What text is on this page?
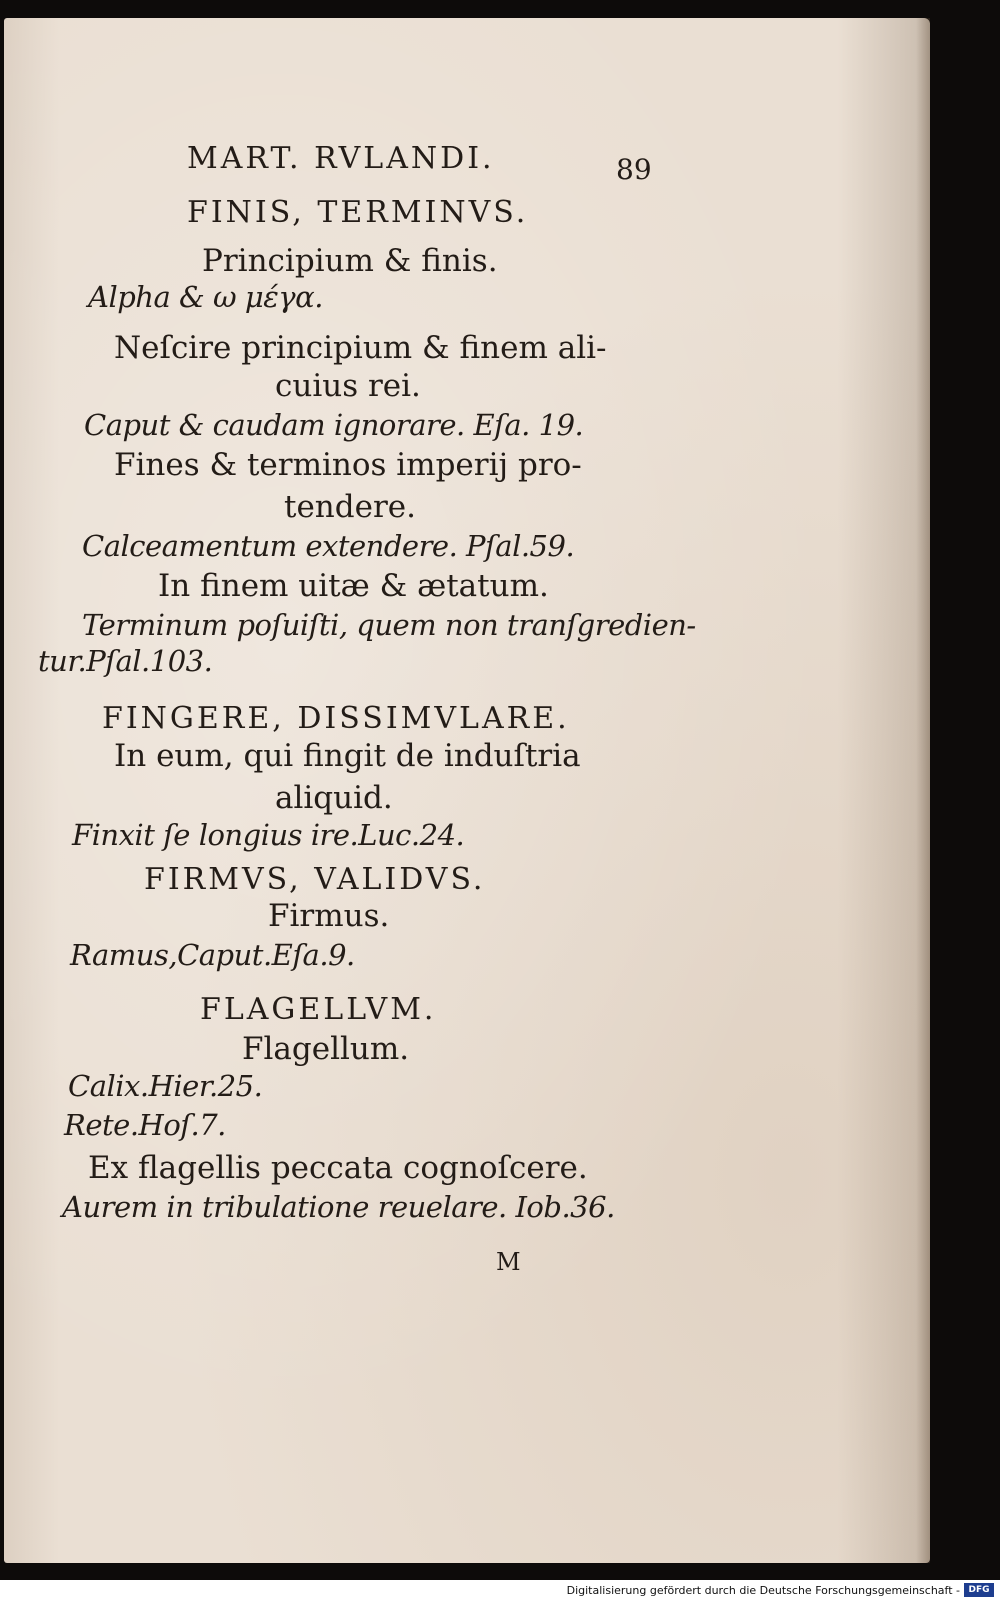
MART. RVLANDI.	89
FINIS, TERMINVS.
Principium & finis.
Alpha & ω μέγα.
Neſcire principium & finem ali-
cuius rei.
Caput & caudam ignorare. Eſa. 19.
Fines & terminos imperij pro-
tendere.
Calceamentum extendere. Pſal.59.
In finem uitæ & ætatum.
Terminum poſuiſti, quem non tranſgredien-
tur.Pſal.103.
FINGERE, DISSIMVLARE.
In eum, qui fingit de induſtria
aliquid.
Finxit ſe longius ire.Luc.24.
FIRMVS, VALIDVS.
Firmus.
Ramus,Caput.Eſa.9.
FLAGELLVM.
Flagellum.
Calix.Hier.25.
Rete.Hoſ.7.
Ex flagellis peccata cognoſcere.
Aurem in tribulatione reuelare. Iob.36.
M
Digitalisierung gefördert durch die Deutsche Forschungsgemeinschaft - DFG
